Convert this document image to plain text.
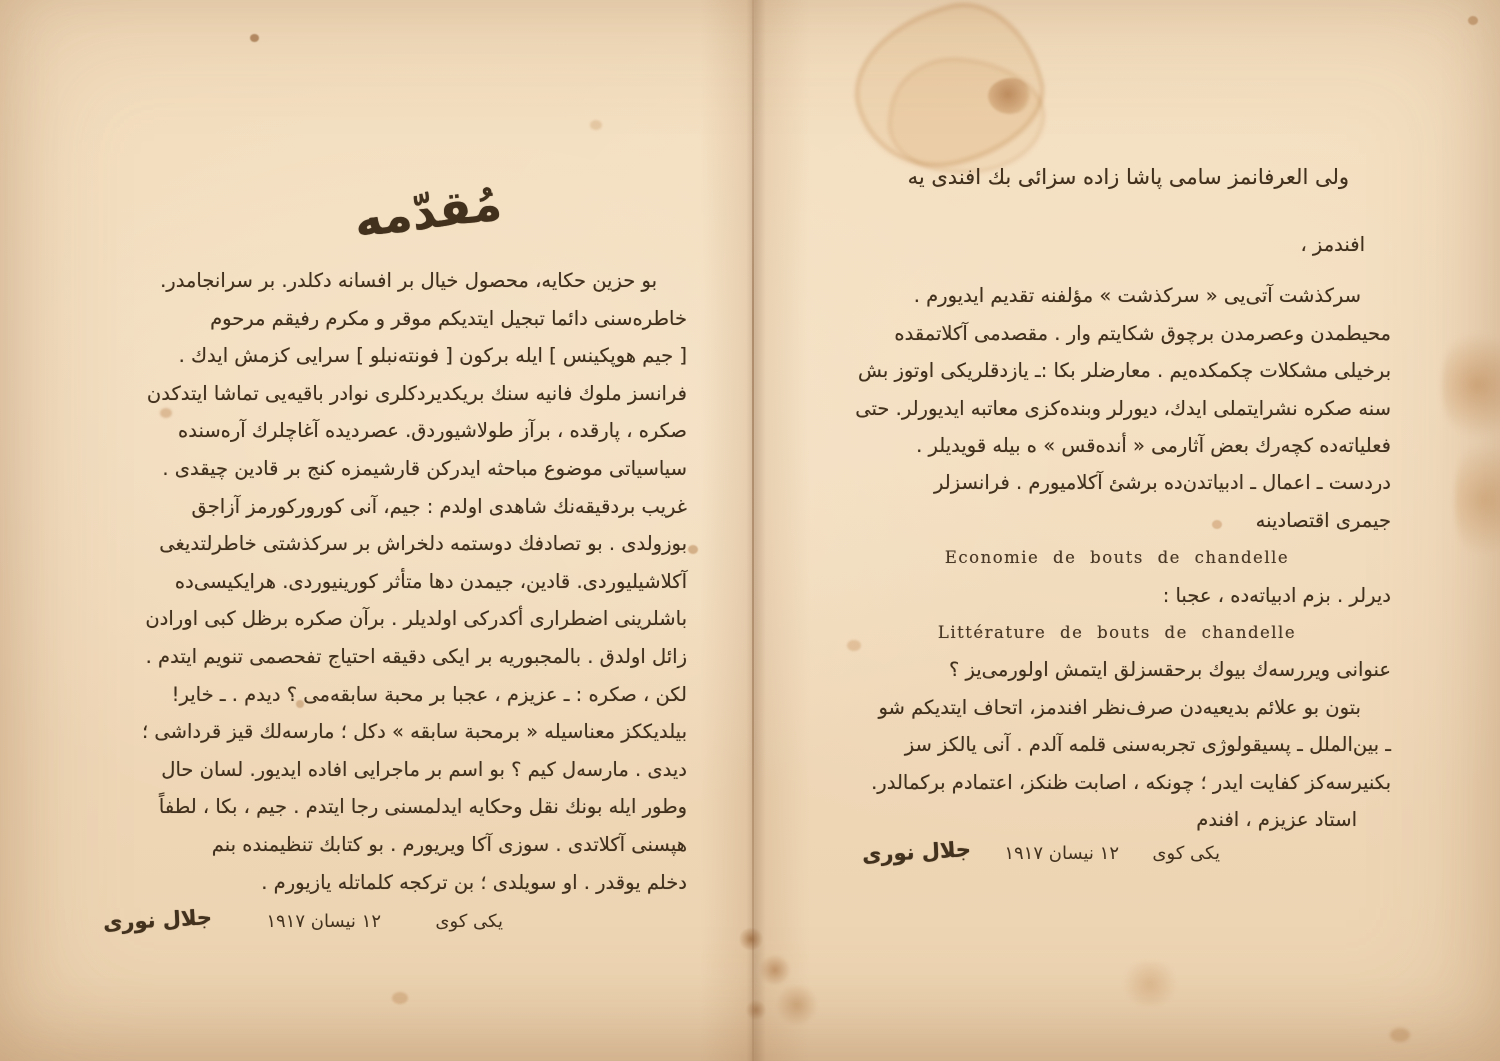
مُقدّمه
بو حزين حكايه، محصول خيال بر افسانه دكلدر. بر سرانجامدر.
خاطره‌سنى دائما تبجيل ايتديكم موقر و مكرم رفيقم مرحوم
[ جيم هوپكينس ] ايله بركون [ فونته‌نبلو ] سرايى كزمش ايدك .
فرانسز ملوك فانيه سنك بريكديردكلرى نوادر باقيه‌يى تماشا ايتدكدن
صكره ، پارقده ، برآز طولاشيوردق. عصرديده آغاچلرك آره‌سنده
سياسياتى موضوع مباحثه ايدركن قارشيمزه كنج بر قادين چيقدى .
غريب بردقيقه‌نك شاهدى اولدم : جيم، آنى كوروركورمز آزاجق
بوزولدى . بو تصادفك دوستمه دلخراش بر سركذشتى خاطرلتديغى
آكلاشيليوردى. قادين، جيمدن دها متأثر كورينيوردى. هرايكيسى‌ده
باشلرينى اضطرارى أكدركى اولديلر . برآن صكره برظل كبى اورادن
زائل اولدق . بالمجبوريه بر ايكى دقيقه احتياج تفحصمى تنويم ايتدم .
لكن ، صكره : ـ عزيزم ، عجبا بر محبة سابقه‌مى ؟ ديدم . ـ خاير!
بيلديككز معناسيله « برمحبة سابقه » دكل ؛ مارسه‌لك قيز قرداشى ؛
ديدى . مارسه‌ل كيم ؟ بو اسم بر ماجرايى افاده ايديور. لسان حال
وطور ايله بونك نقل وحكايه ايدلمسنى رجا ايتدم . جيم ، بكا ، لطفاً
هپسنى آكلاتدى . سوزى آكا ويريورم . بو كتابك تنظيمنده بنم
دخلم يوقدر . او سويلدى ؛ بن تركجه كلماتله يازيورم .
جلال نورى	١٢ نيسان ١٩١٧	يكى كوى
ولى العرفانمز سامى پاشا زاده سزائى بك افندى يه
افندمز ،
سركذشت آتى‌يى « سركذشت » مؤلفنه تقديم ايديورم .
محيطمدن وعصرمدن برچوق شكايتم وار . مقصدمى آكلاتمقده
برخيلى مشكلات چكمكده‌يم . معارضلر بكا :ـ يازدقلريكى اوتوز بش
سنه صكره نشرايتملى ايدك، ديورلر وبنده‌كزى معاتبه ايديورلر. حتى
فعلياته‌ده كچه‌رك بعض آثارمى « أنده‌قس » ه بيله قويديلر .
دردست ـ اعمال ـ ادبياتدن‌ده برشئ آكلاميورم . فرانسزلر
جيمرى اقتصادينه
Economie de bouts de chandelle
ديرلر . بزم ادبياته‌ده ، عجبا :
Littérature de bouts de chandelle
عنوانى ويررسه‌ك بيوك برحقسزلق ايتمش اولورمى‌يز ؟
بتون بو علائم بديعيه‌دن صرف‌نظر افندمز، اتحاف ايتديكم شو
ـ بين‌الملل ـ پسيقولوژى تجربه‌سنى قلمه آلدم . آنى يالكز سز
بكنيرسه‌كز كفايت ايدر ؛ چونكه ، اصابت ظنكز، اعتمادم بركمالدر.
استاد عزيزم ، افندم
جلال نورى ١٢ نيسان ١٩١٧ يكى كوى
